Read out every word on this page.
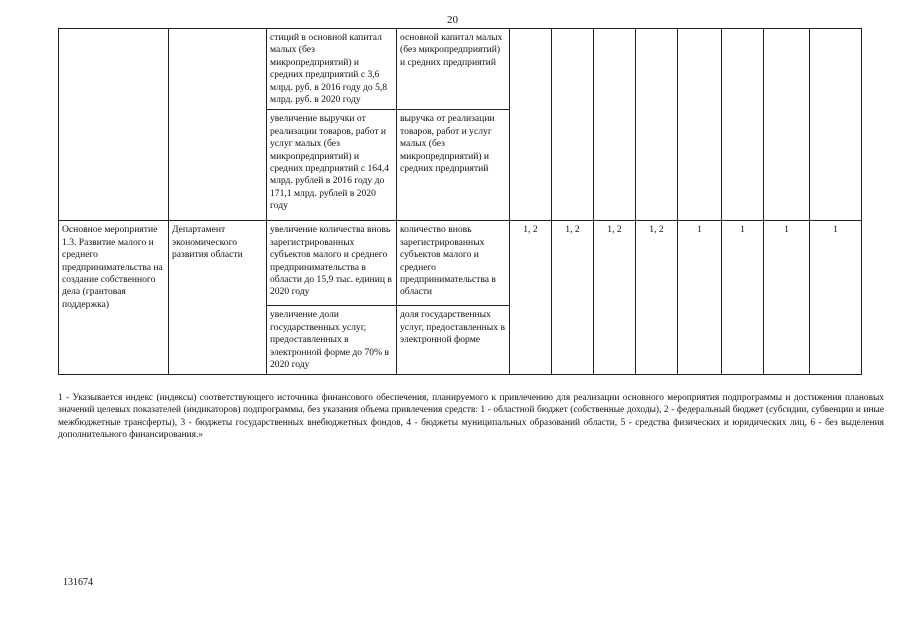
20
		стиций в основной капитал малых (без микропредприятий) и средних предприятий с 3,6 млрд. руб. в 2016 году до 5,8 млрд. руб. в 2020 году	основной капитал малых (без микропредприятий) и средних предприятий								
		увеличение выручки от реализации товаров, работ и услуг малых (без микропредприятий) и средних предприятий с 164,4 млрд. рублей в 2016 году до 171,1 млрд. рублей в 2020 году	выручка от реализации товаров, работ и услуг малых (без микропредприятий) и средних предприятий								
Основное мероприятие 1.3. Развитие малого и среднего предпринимательства на создание собственного дела (грантовая поддержка)	Департамент экономического развития области	увеличение количества вновь зарегистрированных субъектов малого и среднего предпринимательства в области до 15,9 тыс. единиц в 2020 году	количество вновь зарегистрированных субъектов малого и среднего предпринимательства в области	1, 2	1, 2	1, 2	1, 2	1	1	1	1
		увеличение доли государственных услуг, предоставленных в электронной форме до 70% в 2020 году	доля государственных услуг, предоставленных в электронной форме								
1 - Указывается индекс (индексы) соответствующего источника финансового обеспечения, планируемого к привлечению для реализации основного мероприятия подпрограммы и достижения плановых значений целевых показателей (индикаторов) подпрограммы, без указания объема привлечения средств: 1 - областной бюджет (собственные доходы), 2 - федеральный бюджет (субсидии, субвенции и иные межбюджетные трансферты), 3 - бюджеты государственных внебюджетных фондов, 4 - бюджеты муниципальных образований области, 5 - средства физических и юридических лиц, 6 - без выделения дополнительного финансирования.»
131674
